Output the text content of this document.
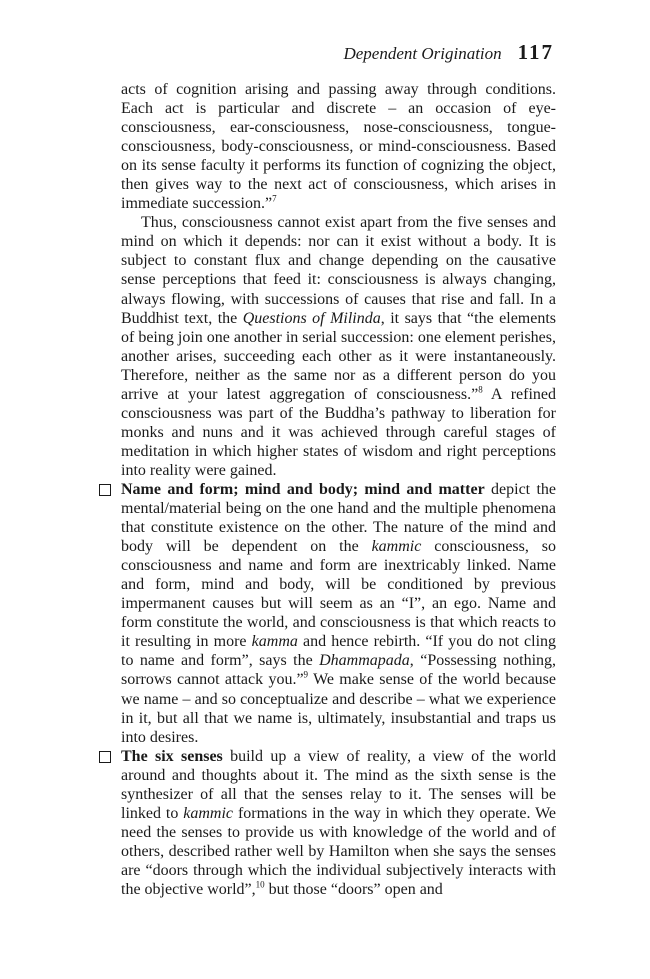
Dependent Origination 117

acts of cognition arising and passing away through conditions. Each act is particular and discrete – an occasion of eye-consciousness, ear-consciousness, nose-consciousness, tongue-consciousness, body-consciousness, or mind-consciousness. Based on its sense faculty it performs its function of cognizing the object, then gives way to the next act of consciousness, which arises in immediate succession.”$^7$

Thus, consciousness cannot exist apart from the five senses and mind on which it depends: nor can it exist without a body. It is subject to constant flux and change depending on the causative sense perceptions that feed it: consciousness is always changing, always flowing, with successions of causes that rise and fall. In a Buddhist text, the Questions of Milinda, it says that “the elements of being join one another in serial succession: one element perishes, another arises, succeeding each other as it were instantaneously. Therefore, neither as the same nor as a different person do you arrive at your latest aggregation of consciousness.”$^8$ A refined consciousness was part of the Buddha’s pathway to liberation for monks and nuns and it was achieved through careful stages of meditation in which higher states of wisdom and right perceptions into reality were gained.

Name and form; mind and body; mind and matter depict the mental/material being on the one hand and the multiple phenomena that constitute existence on the other. The nature of the mind and body will be dependent on the kammic consciousness, so consciousness and name and form are inextricably linked. Name and form, mind and body, will be conditioned by previous impermanent causes but will seem as an “I”, an ego. Name and form constitute the world, and consciousness is that which reacts to it resulting in more kamma and hence rebirth. “If you do not cling to name and form”, says the Dhammapada, “Possessing nothing, sorrows cannot attack you.”$^9$ We make sense of the world because we name – and so conceptualize and describe – what we experience in it, but all that we name is, ultimately, insubstantial and traps us into desires.

The six senses build up a view of reality, a view of the world around and thoughts about it. The mind as the sixth sense is the synthesizer of all that the senses relay to it. The senses will be linked to kammic formations in the way in which they operate. We need the senses to provide us with knowledge of the world and of others, described rather well by Hamilton when she says the senses are “doors through which the individual subjectively interacts with the objective world”,$^{10}$ but those “doors” open and
